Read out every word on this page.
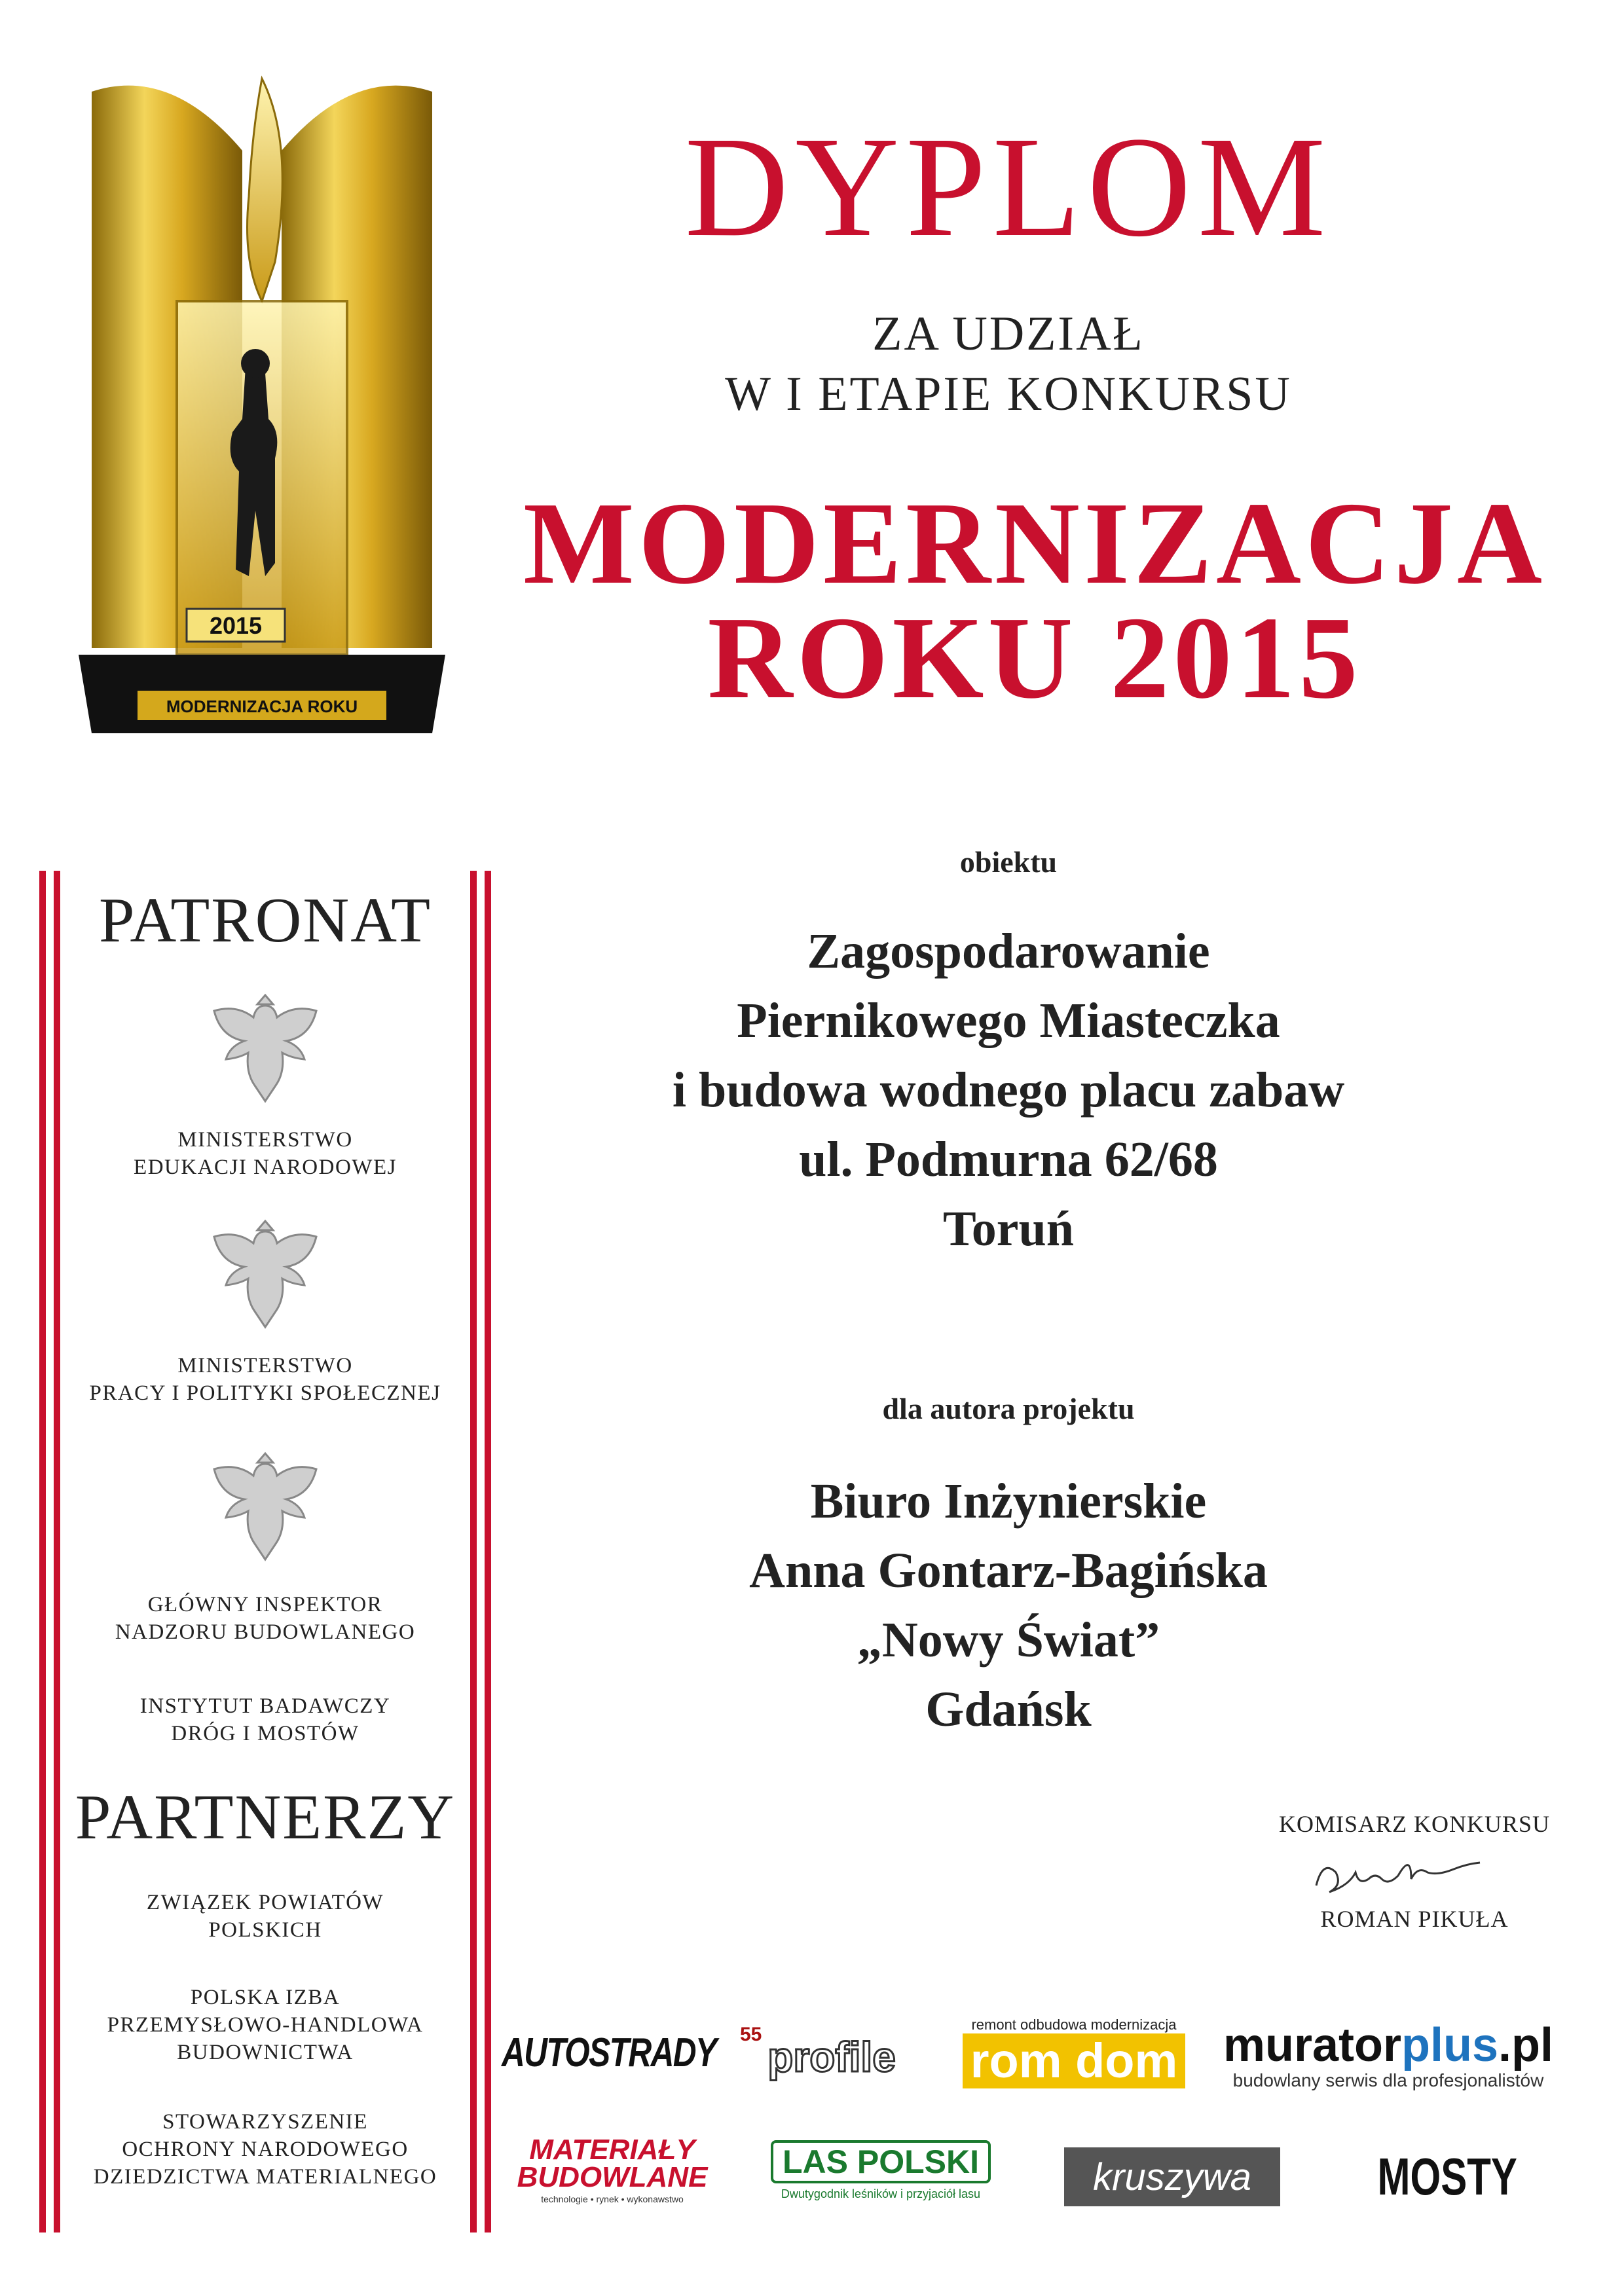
2015
MODERNIZACJA ROKU
DYPLOM
ZA UDZIAŁ
W I ETAPIE KONKURSU
MODERNIZACJA
ROKU 2015
PATRONAT
MINISTERSTWO
EDUKACJI NARODOWEJ
MINISTERSTWO
PRACY I POLITYKI SPOŁECZNEJ
GŁÓWNY INSPEKTOR
NADZORU BUDOWLANEGO
INSTYTUT BADAWCZY
DRÓG I MOSTÓW
PARTNERZY
ZWIĄZEK POWIATÓW
POLSKICH
POLSKA IZBA
PRZEMYSŁOWO-HANDLOWA
BUDOWNICTWA
STOWARZYSZENIE
OCHRONY NARODOWEGO
DZIEDZICTWA MATERIALNEGO
obiektu
Zagospodarowanie
Piernikowego Miasteczka
i budowa wodnego placu zabaw
ul. Podmurna 62/68
Toruń
dla autora projektu
Biuro Inżynierskie
Anna Gontarz-Bagińska
„Nowy Świat”
Gdańsk
KOMISARZ KONKURSU
ROMAN PIKUŁA
AUTOSTRADY 55 profile
remont odbudowa modernizacja
rom dom muratorplus.pl
budowlany serwis dla profesjonalistów
MATERIAŁY
BUDOWLANE
technologie • rynek • wykonawstwo
LAS POLSKI
Dwutygodnik leśników i przyjaciół lasu	kruszywa MOSTY
